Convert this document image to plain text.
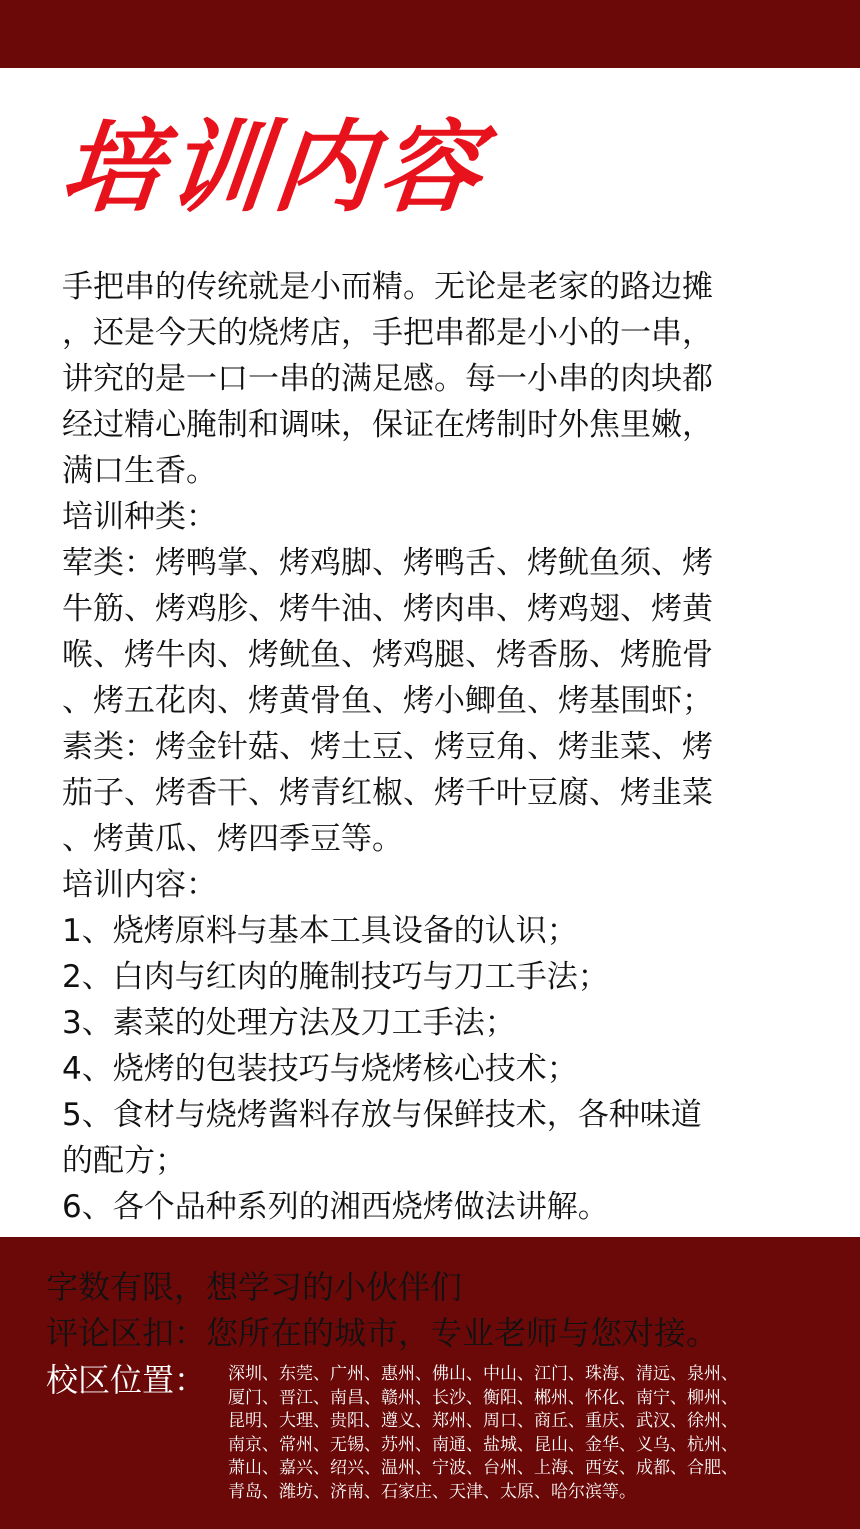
培训内容

手把串的传统就是小而精。无论是老家的路边摊

，还是今天的烧烤店，手把串都是小小的一串，

讲究的是一口一串的满足感。每一小串的肉块都

经过精心腌制和调味，保证在烤制时外焦里嫩，

满口生香。

培训种类：

荤类：烤鸭掌、烤鸡脚、烤鸭舌、烤鱿鱼须、烤

牛筋、烤鸡胗、烤牛油、烤肉串、烤鸡翅、烤黄

喉、烤牛肉、烤鱿鱼、烤鸡腿、烤香肠、烤脆骨

、烤五花肉、烤黄骨鱼、烤小鲫鱼、烤基围虾；

素类：烤金针菇、烤土豆、烤豆角、烤韭菜、烤

茄子、烤香干、烤青红椒、烤千叶豆腐、烤韭菜

、烤黄瓜、烤四季豆等。

培训内容：

1、烧烤原料与基本工具设备的认识；

2、白肉与红肉的腌制技巧与刀工手法；

3、素菜的处理方法及刀工手法；

4、烧烤的包装技巧与烧烤核心技术；

5、食材与烧烤酱料存放与保鲜技术，各种味道

的配方；

6、各个品种系列的湘西烧烤做法讲解。

字数有限，想学习的小伙伴们
评论区扣：您所在的城市，专业老师与您对接。
校区位置： 深圳、东莞、广州、惠州、佛山、中山、江门、珠海、清远、泉州、
厦门、晋江、南昌、赣州、长沙、衡阳、郴州、怀化、南宁、柳州、
昆明、大理、贵阳、遵义、郑州、周口、商丘、重庆、武汉、徐州、
南京、常州、无锡、苏州、南通、盐城、昆山、金华、义乌、杭州、
萧山、嘉兴、绍兴、温州、宁波、台州、上海、西安、成都、合肥、
青岛、潍坊、济南、石家庄、天津、太原、哈尔滨等。
